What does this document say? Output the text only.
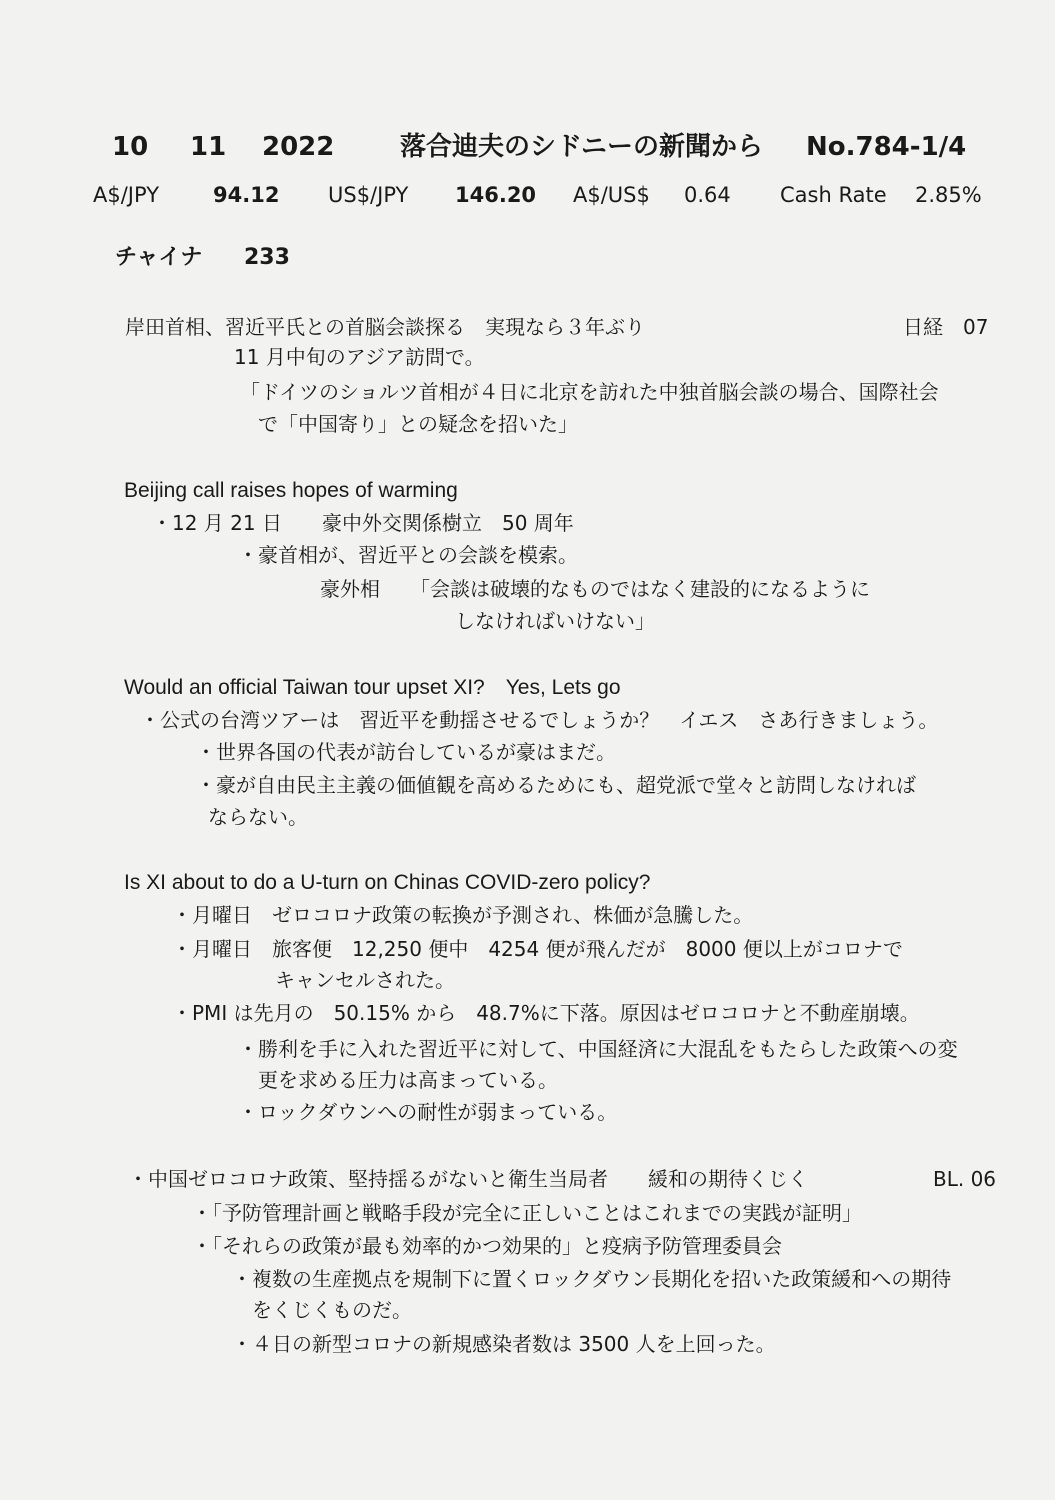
10 11 2022	落合迪夫のシドニーの新聞から No.784-1/4
A$/JPY	94.12 US$/JPY 146.20 A$/US$ 0.64 Cash Rate 2.85%
チャイナ 233
岸田首相、習近平氏との首脳会談探る　実現なら３年ぶり	日経　07
11 月中旬のアジア訪問で。
「ドイツのショルツ首相が４日に北京を訪れた中独首脳会談の場合、国際社会
で「中国寄り」との疑念を招いた」
Beijing call raises hopes of warming
・12 月 21 日　　豪中外交関係樹立　50 周年
・豪首相が、習近平との会談を模索。
豪外相　　「会談は破壊的なものではなく建設的になるように
しなければいけない」
Would an official Taiwan tour upset XI?　Yes, Lets go
・公式の台湾ツアーは　習近平を動揺させるでしょうか？　イエス　さあ行きましょう。
・世界各国の代表が訪台しているが豪はまだ。
・豪が自由民主主義の価値観を高めるためにも、超党派で堂々と訪問しなければ
ならない。
Is XI about to do a U-turn on Chinas COVID-zero policy?
・月曜日　ゼロコロナ政策の転換が予測され、株価が急騰した。
・月曜日　旅客便　12,250 便中　4254 便が飛んだが　8000 便以上がコロナで
キャンセルされた。
・PMI は先月の　50.15% から　48.7%に下落。原因はゼロコロナと不動産崩壊。
・勝利を手に入れた習近平に対して、中国経済に大混乱をもたらした政策への変
更を求める圧力は高まっている。
・ロックダウンへの耐性が弱まっている。
・中国ゼロコロナ政策、堅持揺るがないと衛生当局者　　緩和の期待くじく	BL. 06
・「予防管理計画と戦略手段が完全に正しいことはこれまでの実践が証明」
・「それらの政策が最も効率的かつ効果的」と疫病予防管理委員会
・複数の生産拠点を規制下に置くロックダウン長期化を招いた政策緩和への期待
をくじくものだ。
・４日の新型コロナの新規感染者数は 3500 人を上回った。
